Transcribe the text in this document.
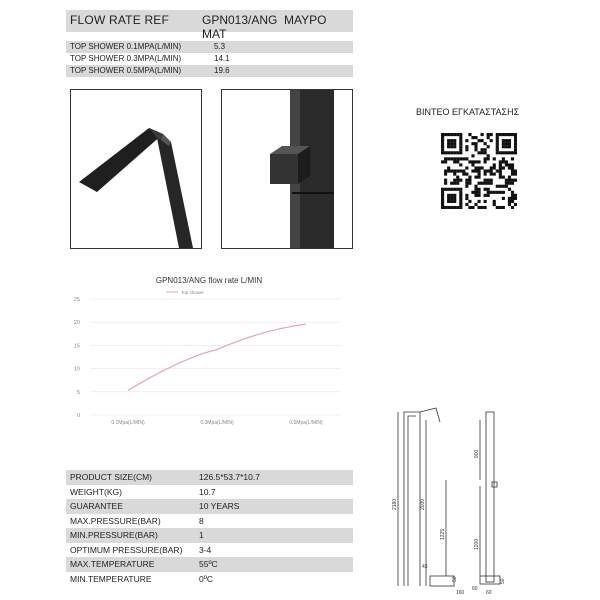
FLOW RATE REF	GPN013/ANG ΜΑΥΡΟ ΜΑΤ
TOP SHOWER 0.1MPA(L/MIN)	5.3
TOP SHOWER 0.3MPA(L/MIN)	14.1
TOP SHOWER 0.5MPA(L/MIN)	19.6
ΒΙΝΤΕΟ ΕΓΚΑΤΑΣΤΑΣΗΣ
GPN013/ANG flow rate L/MIN
Top shower
0
5
10
15
20
25
0.1Mpa(L/MIN)	0.3Mpa(L/MIN)	0.5Mpa(L/MIN)
PRODUCT SIZE(CM)	126.5*53.7*10.7
WEIGHT(KG)	10.7
GUARANTEE	10 YEARS
MAX.PRESSURE(BAR)	8
MIN.PRESSURE(BAR)	1
OPTIMUM PRESSURE(BAR) 3-4
MAX.TEMPERATURE	55ºC
MIN.TEMPERATURE	0ºC
2180	2030
1225
43
50
160
900
1200
60
50
60
